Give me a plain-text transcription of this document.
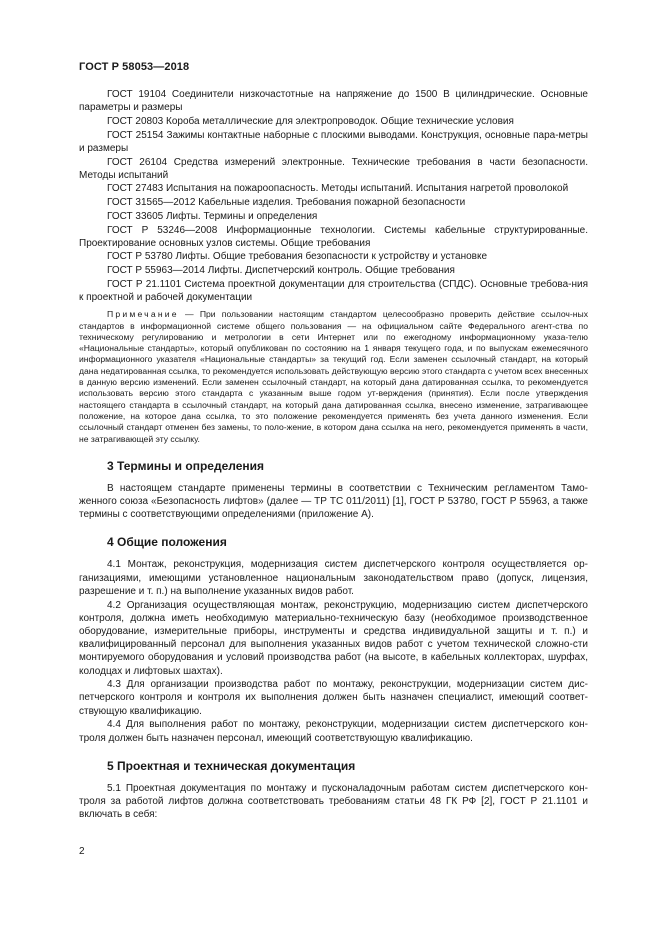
ГОСТ Р 58053—2018

ГОСТ 19104 Соединители низкочастотные на напряжение до 1500 В цилиндрические. Основные параметры и размеры

ГОСТ 20803 Короба металлические для электропроводок. Общие технические условия

ГОСТ 25154 Зажимы контактные наборные с плоскими выводами. Конструкция, основные пара-метры и размеры

ГОСТ 26104 Средства измерений электронные. Технические требования в части безопасности. Методы испытаний

ГОСТ 27483 Испытания на пожароопасность. Методы испытаний. Испытания нагретой проволокой

ГОСТ 31565—2012 Кабельные изделия. Требования пожарной безопасности

ГОСТ 33605 Лифты. Термины и определения

ГОСТ Р 53246—2008 Информационные технологии. Системы кабельные структурированные. Проектирование основных узлов системы. Общие требования

ГОСТ Р 53780 Лифты. Общие требования безопасности к устройству и установке

ГОСТ Р 55963—2014 Лифты. Диспетчерский контроль. Общие требования

ГОСТ Р 21.1101 Система проектной документации для строительства (СПДС). Основные требова-ния к проектной и рабочей документации

Примечание — При пользовании настоящим стандартом целесообразно проверить действие ссылоч-ных стандартов в информационной системе общего пользования — на официальном сайте Федерального агент-ства по техническому регулированию и метрологии в сети Интернет или по ежегодному информационному указа-телю «Национальные стандарты», который опубликован по состоянию на 1 января текущего года, и по выпускам ежемесячного информационного указателя «Национальные стандарты» за текущий год. Если заменен ссылочный стандарт, на который дана недатированная ссылка, то рекомендуется использовать действующую версию этого стандарта с учетом всех внесенных в данную версию изменений. Если заменен ссылочный стандарт, на который дана датированная ссылка, то рекомендуется использовать версию этого стандарта с указанным выше годом ут-верждения (принятия). Если после утверждения настоящего стандарта в ссылочный стандарт, на который дана датированная ссылка, внесено изменение, затрагивающее положение, на которое дана ссылка, то это положение рекомендуется применять без учета данного изменения. Если ссылочный стандарт отменен без замены, то поло-жение, в котором дана ссылка на него, рекомендуется применять в части, не затрагивающей эту ссылку.
3 Термины и определения

В настоящем стандарте применены термины в соответствии с Техническим регламентом Тамо-женного союза «Безопасность лифтов» (далее — ТР ТС 011/2011) [1], ГОСТ Р 53780, ГОСТ Р 55963, а также термины с соответствующими определениями (приложение А).

4 Общие положения

4.1 Монтаж, реконструкция, модернизация систем диспетчерского контроля осуществляется ор-ганизациями, имеющими установленное национальным законодательством право (допуск, лицензия, разрешение и т. п.) на выполнение указанных видов работ.

4.2 Организация осуществляющая монтаж, реконструкцию, модернизацию систем диспетчерского контроля, должна иметь необходимую материально-техническую базу (необходимое производственное оборудование, измерительные приборы, инструменты и средства индивидуальной защиты и т. п.) и квалифицированный персонал для выполнения указанных видов работ с учетом технической сложно-сти монтируемого оборудования и условий производства работ (на высоте, в кабельных коллекторах, шурфах, колодцах и лифтовых шахтах).

4.3 Для организации производства работ по монтажу, реконструкции, модернизации систем дис-петчерского контроля и контроля их выполнения должен быть назначен специалист, имеющий соответ-ствующую квалификацию.

4.4 Для выполнения работ по монтажу, реконструкции, модернизации систем диспетчерского кон-троля должен быть назначен персонал, имеющий соответствующую квалификацию.

5 Проектная и техническая документация

5.1 Проектная документация по монтажу и пусконаладочным работам систем диспетчерского кон-троля за работой лифтов должна соответствовать требованиям статьи 48 ГК РФ [2], ГОСТ Р 21.1101 и включать в себя:

2
